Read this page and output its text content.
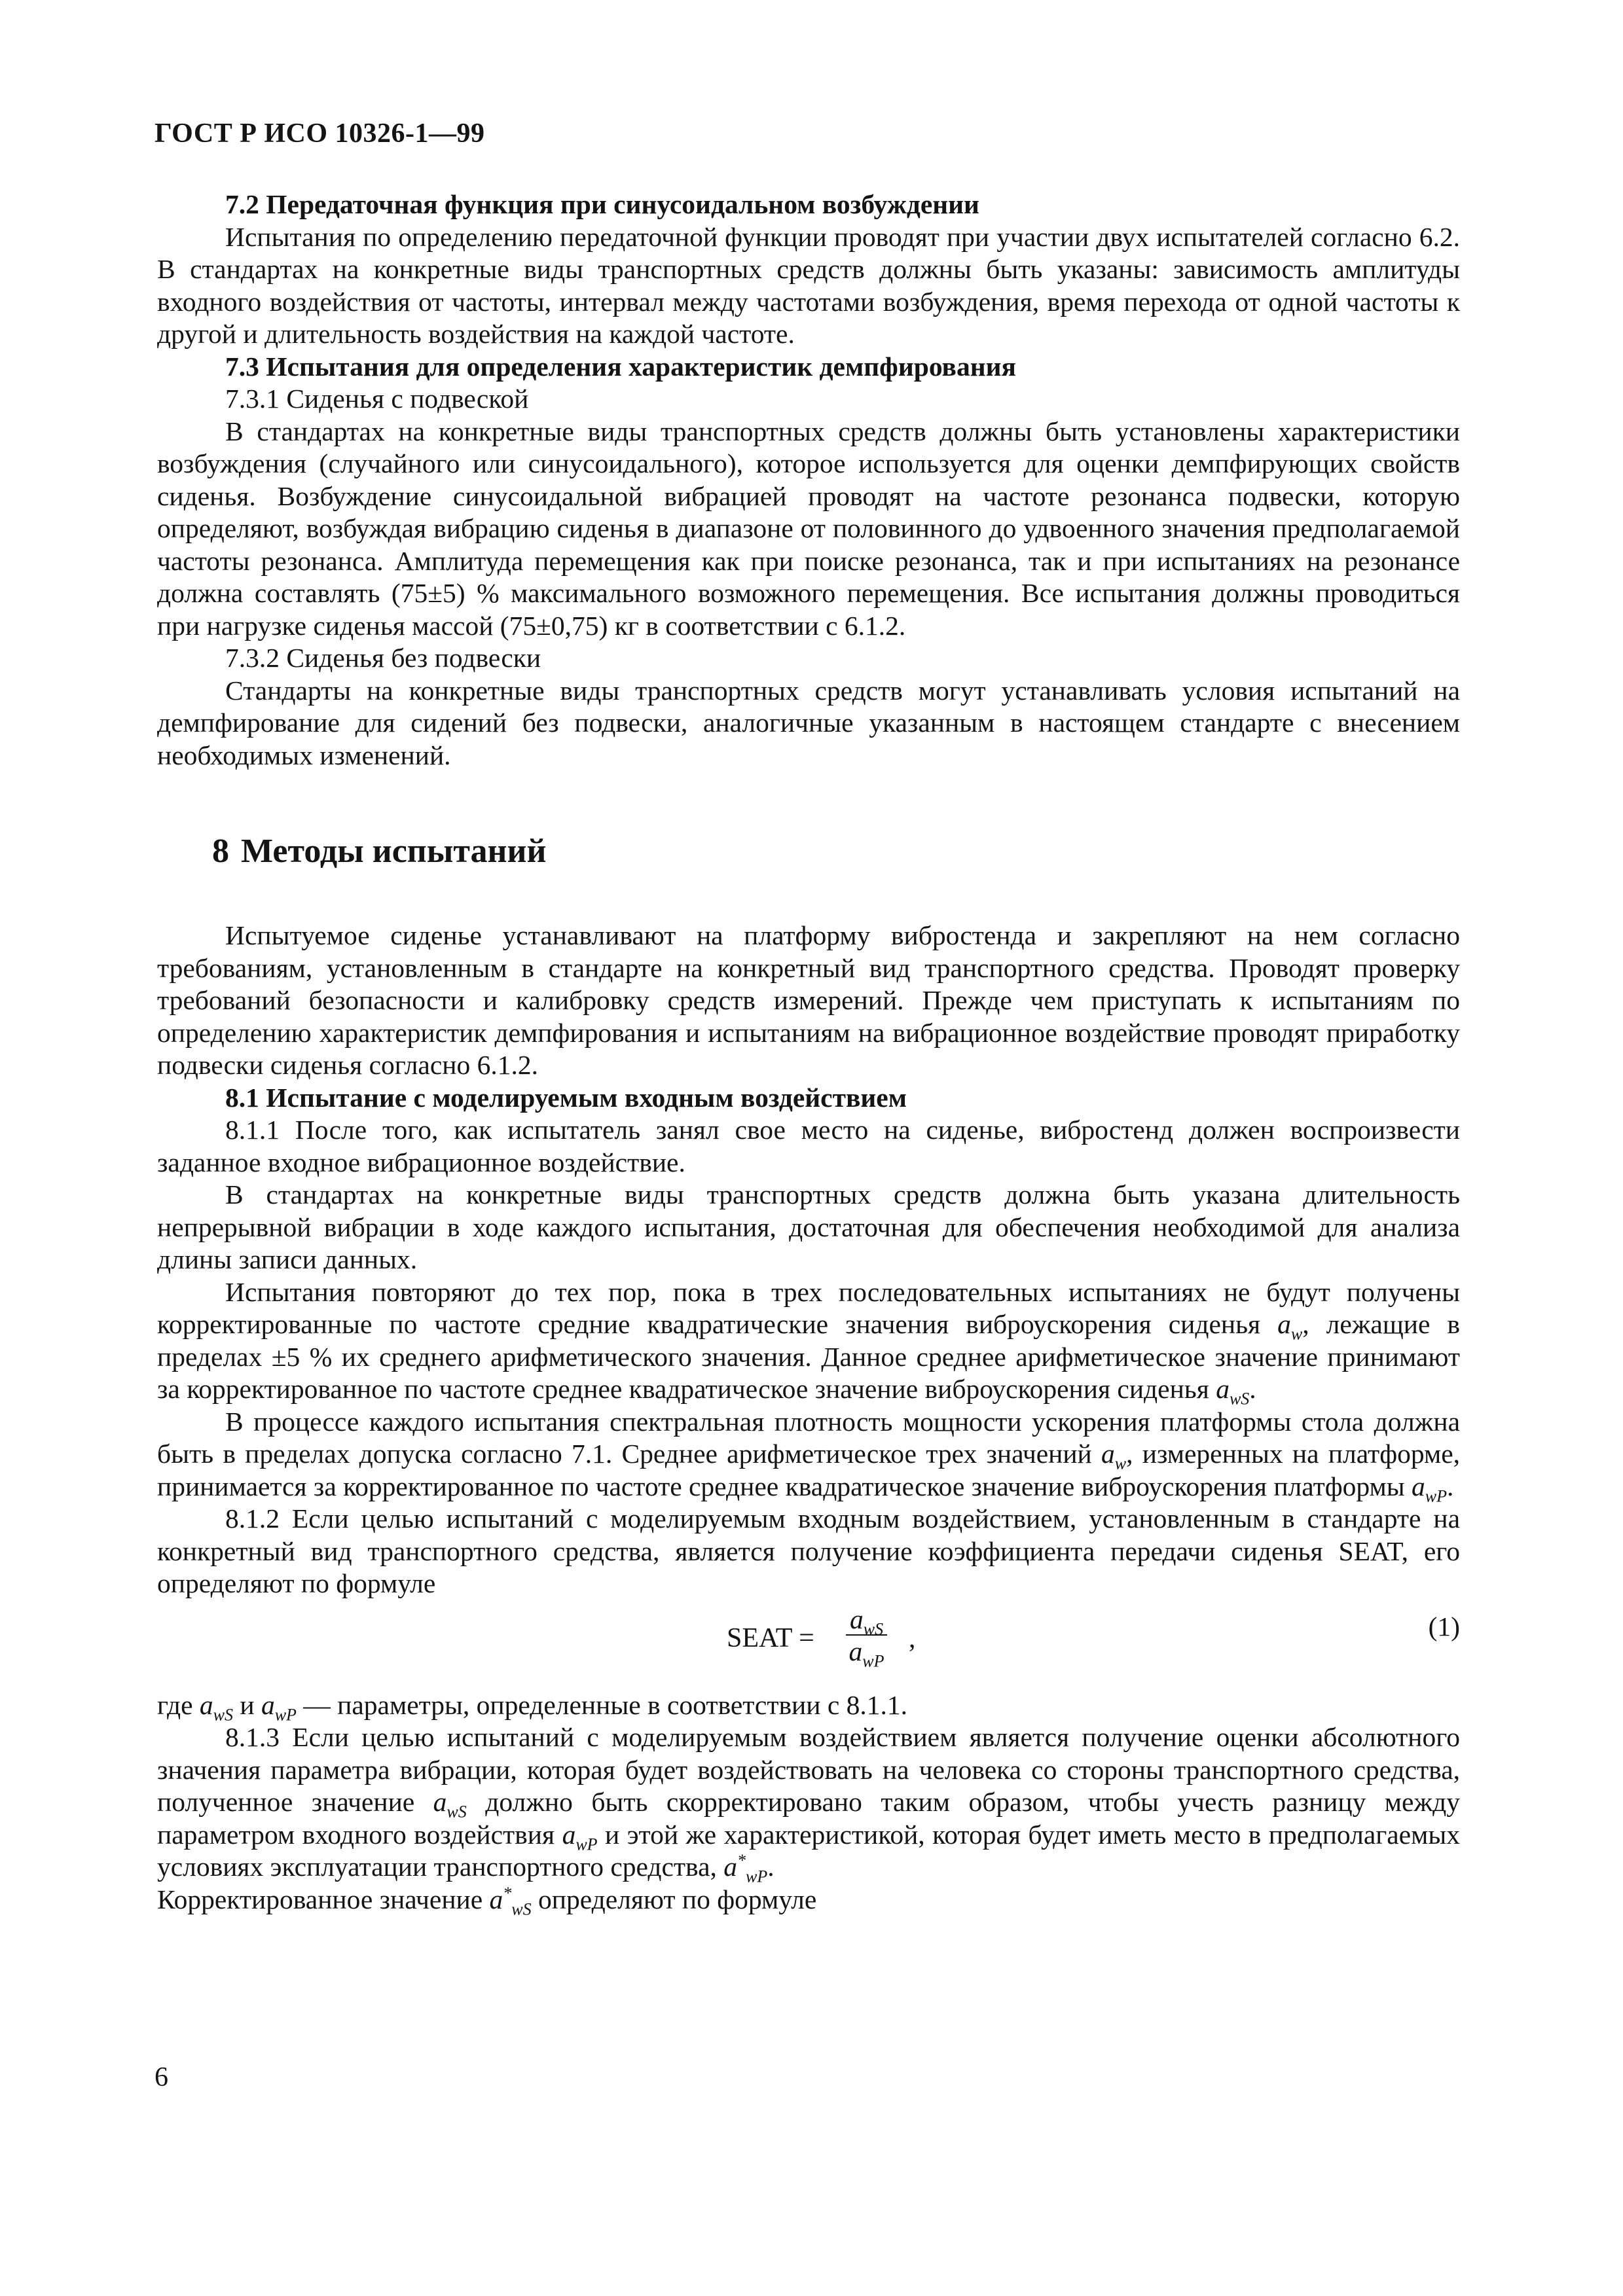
ГОСТ Р ИСО 10326-1—99

7.2 Передаточная функция при синусоидальном возбуждении

Испытания по определению передаточной функции проводят при участии двух испытателей согласно 6.2. В стандартах на конкретные виды транспортных средств должны быть указаны: зависимость амплитуды входного воздействия от частоты, интервал между частотами возбуждения, время перехода от одной частоты к другой и длительность воздействия на каждой частоте.

7.3 Испытания для определения характеристик демпфирования

7.3.1 Сиденья с подвеской

В стандартах на конкретные виды транспортных средств должны быть установлены характеристики возбуждения (случайного или синусоидального), которое используется для оценки демпфирующих свойств сиденья. Возбуждение синусоидальной вибрацией проводят на частоте резонанса подвески, которую определяют, возбуждая вибрацию сиденья в диапазоне от половинного до удвоенного значения предполагаемой частоты резонанса. Амплитуда перемещения как при поиске резонанса, так и при испытаниях на резонансе должна составлять (75±5) % максимального возможного перемещения. Все испытания должны проводиться при нагрузке сиденья массой (75±0,75) кг в соответствии с 6.1.2.

7.3.2 Сиденья без подвески

Стандарты на конкретные виды транспортных средств могут устанавливать условия испытаний на демпфирование для сидений без подвески, аналогичные указанным в настоящем стандарте с внесением необходимых изменений.

8 Методы испытаний

Испытуемое сиденье устанавливают на платформу вибростенда и закрепляют на нем согласно требованиям, установленным в стандарте на конкретный вид транспортного средства. Проводят проверку требований безопасности и калибровку средств измерений. Прежде чем приступать к испытаниям по определению характеристик демпфирования и испытаниям на вибрационное воздействие проводят приработку подвески сиденья согласно 6.1.2.

8.1 Испытание с моделируемым входным воздействием

8.1.1 После того, как испытатель занял свое место на сиденье, вибростенд должен воспроизвести заданное входное вибрационное воздействие.

В стандартах на конкретные виды транспортных средств должна быть указана длительность непрерывной вибрации в ходе каждого испытания, достаточная для обеспечения необходимой для анализа длины записи данных.

Испытания повторяют до тех пор, пока в трех последовательных испытаниях не будут получены корректированные по частоте средние квадратические значения виброускорения сиденья $a_w$, лежащие в пределах ±5 % их среднего арифметического значения. Данное среднее арифметическое значение принимают за корректированное по частоте среднее квадратическое значение виброускорения сиденья $a_{wS}$.

В процессе каждого испытания спектральная плотность мощности ускорения платформы стола должна быть в пределах допуска согласно 7.1. Среднее арифметическое трех значений $a_w$, измеренных на платформе, принимается за корректированное по частоте среднее квадратическое значение виброускорения платформы $a_{wP}$.

8.1.2 Если целью испытаний с моделируемым входным воздействием, установленным в стандарте на конкретный вид транспортного средства, является получение коэффициента передачи сиденья SEAT, его определяют по формуле

SEAT =
$a_{wS}$
$a_{wP}$
,	(1)

где $a_{wS}$ и $a_{wP}$ — параметры, определенные в соответствии с 8.1.1.

8.1.3 Если целью испытаний с моделируемым воздействием является получение оценки абсолютного значения параметра вибрации, которая будет воздействовать на человека со стороны транспортного средства, полученное значение $a_{wS}$ должно быть скорректировано таким образом, чтобы учесть разницу между параметром входного воздействия $a_{wP}$ и этой же характеристикой, которая будет иметь место в предполагаемых условиях эксплуатации транспортного средства, $a^*_{wP}$.

Корректированное значение $a^*_{wS}$ определяют по формуле

6
